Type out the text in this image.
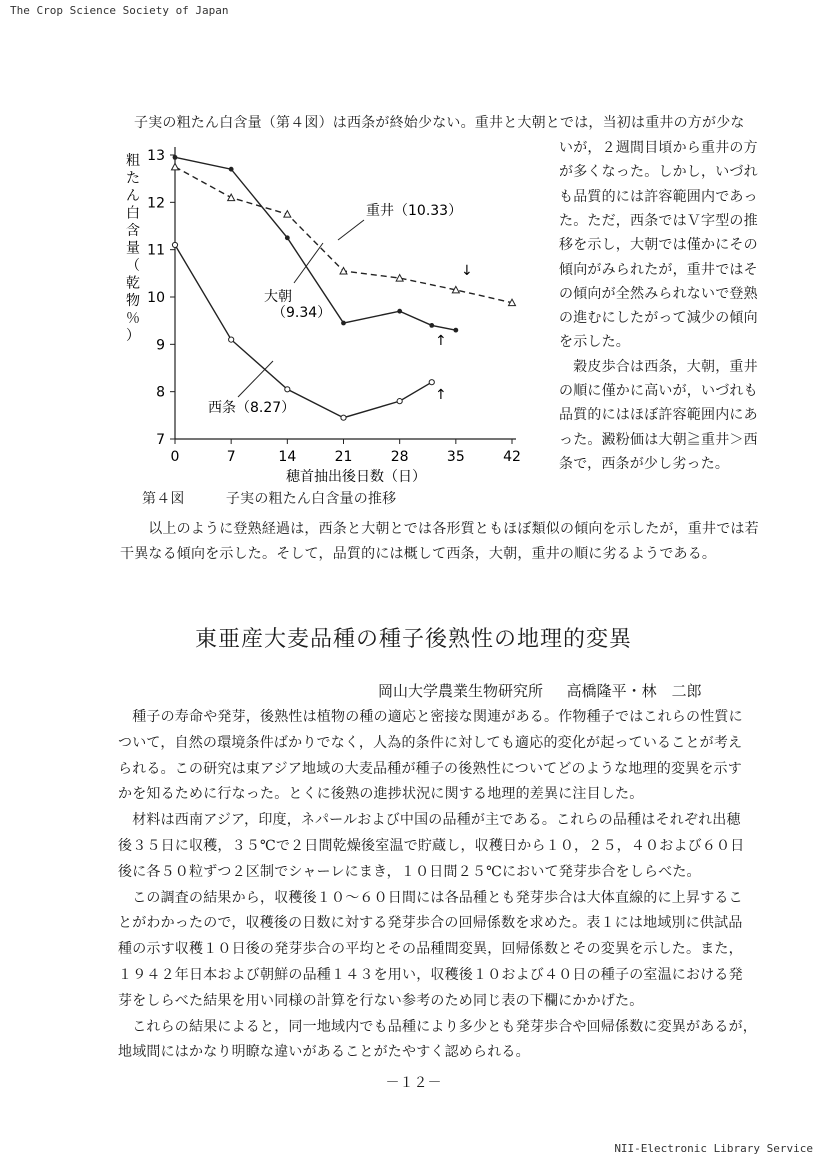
The Crop Science Society of Japan
子実の粗たん白含量（第４図）は西条が終始少ない。重井と大朝とでは，当初は重井の方が少な
いが，２週間目頃から重井の方
が多くなった。しかし，いづれ
も品質的には許容範囲内であっ
た。ただ，西条ではＶ字型の推
移を示し，大朝では僅かにその
傾向がみられたが，重井ではそ
の傾向が全然みられないで登熟
の進むにしたがって減少の傾向
を示した。
　穀皮歩合は西条，大朝，重井
の順に僅かに高いが，いづれも
品質的にはほぼ許容範囲内にあ
った。澱粉価は大朝≧重井＞西
条で，西条が少し劣った。
7
8
9
10
11
12
13
0	7	14	21	28	35	42
粗たん白含量（乾物％）
穂首抽出後日数（日）
重井（10.33）
大朝
（9.34）
西条（8.27）
↑
↑
↓
第４図	子実の粗たん白含量の推移
　以上のように登熟経過は，西条と大朝とでは各形質ともほぼ類似の傾向を示したが，重井では若
干異なる傾向を示した。そして，品質的には概して西条，大朝，重井の順に劣るようである。
東亜産大麦品種の種子後熟性の地理的変異
岡山大学農業生物研究所 高橋隆平・林　二郎
　種子の寿命や発芽，後熟性は植物の種の適応と密接な関連がある。作物種子ではこれらの性質に
ついて，自然の環境条件ばかりでなく，人為的条件に対しても適応的変化が起っていることが考え
られる。この研究は東アジア地域の大麦品種が種子の後熟性についてどのような地理的変異を示す
かを知るために行なった。とくに後熟の進捗状況に関する地理的差異に注目した。
　材料は西南アジア，印度，ネパールおよび中国の品種が主である。これらの品種はそれぞれ出穂
後３５日に収穫，３５℃で２日間乾燥後室温で貯蔵し，収穫日から１０，２５，４０および６０日
後に各５０粒ずつ２区制でシャーレにまき，１０日間２５℃において発芽歩合をしらべた。
　この調査の結果から，収穫後１０～６０日間には各品種とも発芽歩合は大体直線的に上昇するこ
とがわかったので，収穫後の日数に対する発芽歩合の回帰係数を求めた。表１には地域別に供試品
種の示す収穫１０日後の発芽歩合の平均とその品種間変異，回帰係数とその変異を示した。また，
１９４２年日本および朝鮮の品種１４３を用い，収穫後１０および４０日の種子の室温における発
芽をしらべた結果を用い同様の計算を行ない参考のため同じ表の下欄にかかげた。
　これらの結果によると，同一地域内でも品種により多少とも発芽歩合や回帰係数に変異があるが，
地域間にはかなり明瞭な違いがあることがたやすく認められる。
－１２－
NII-Electronic Library Service
